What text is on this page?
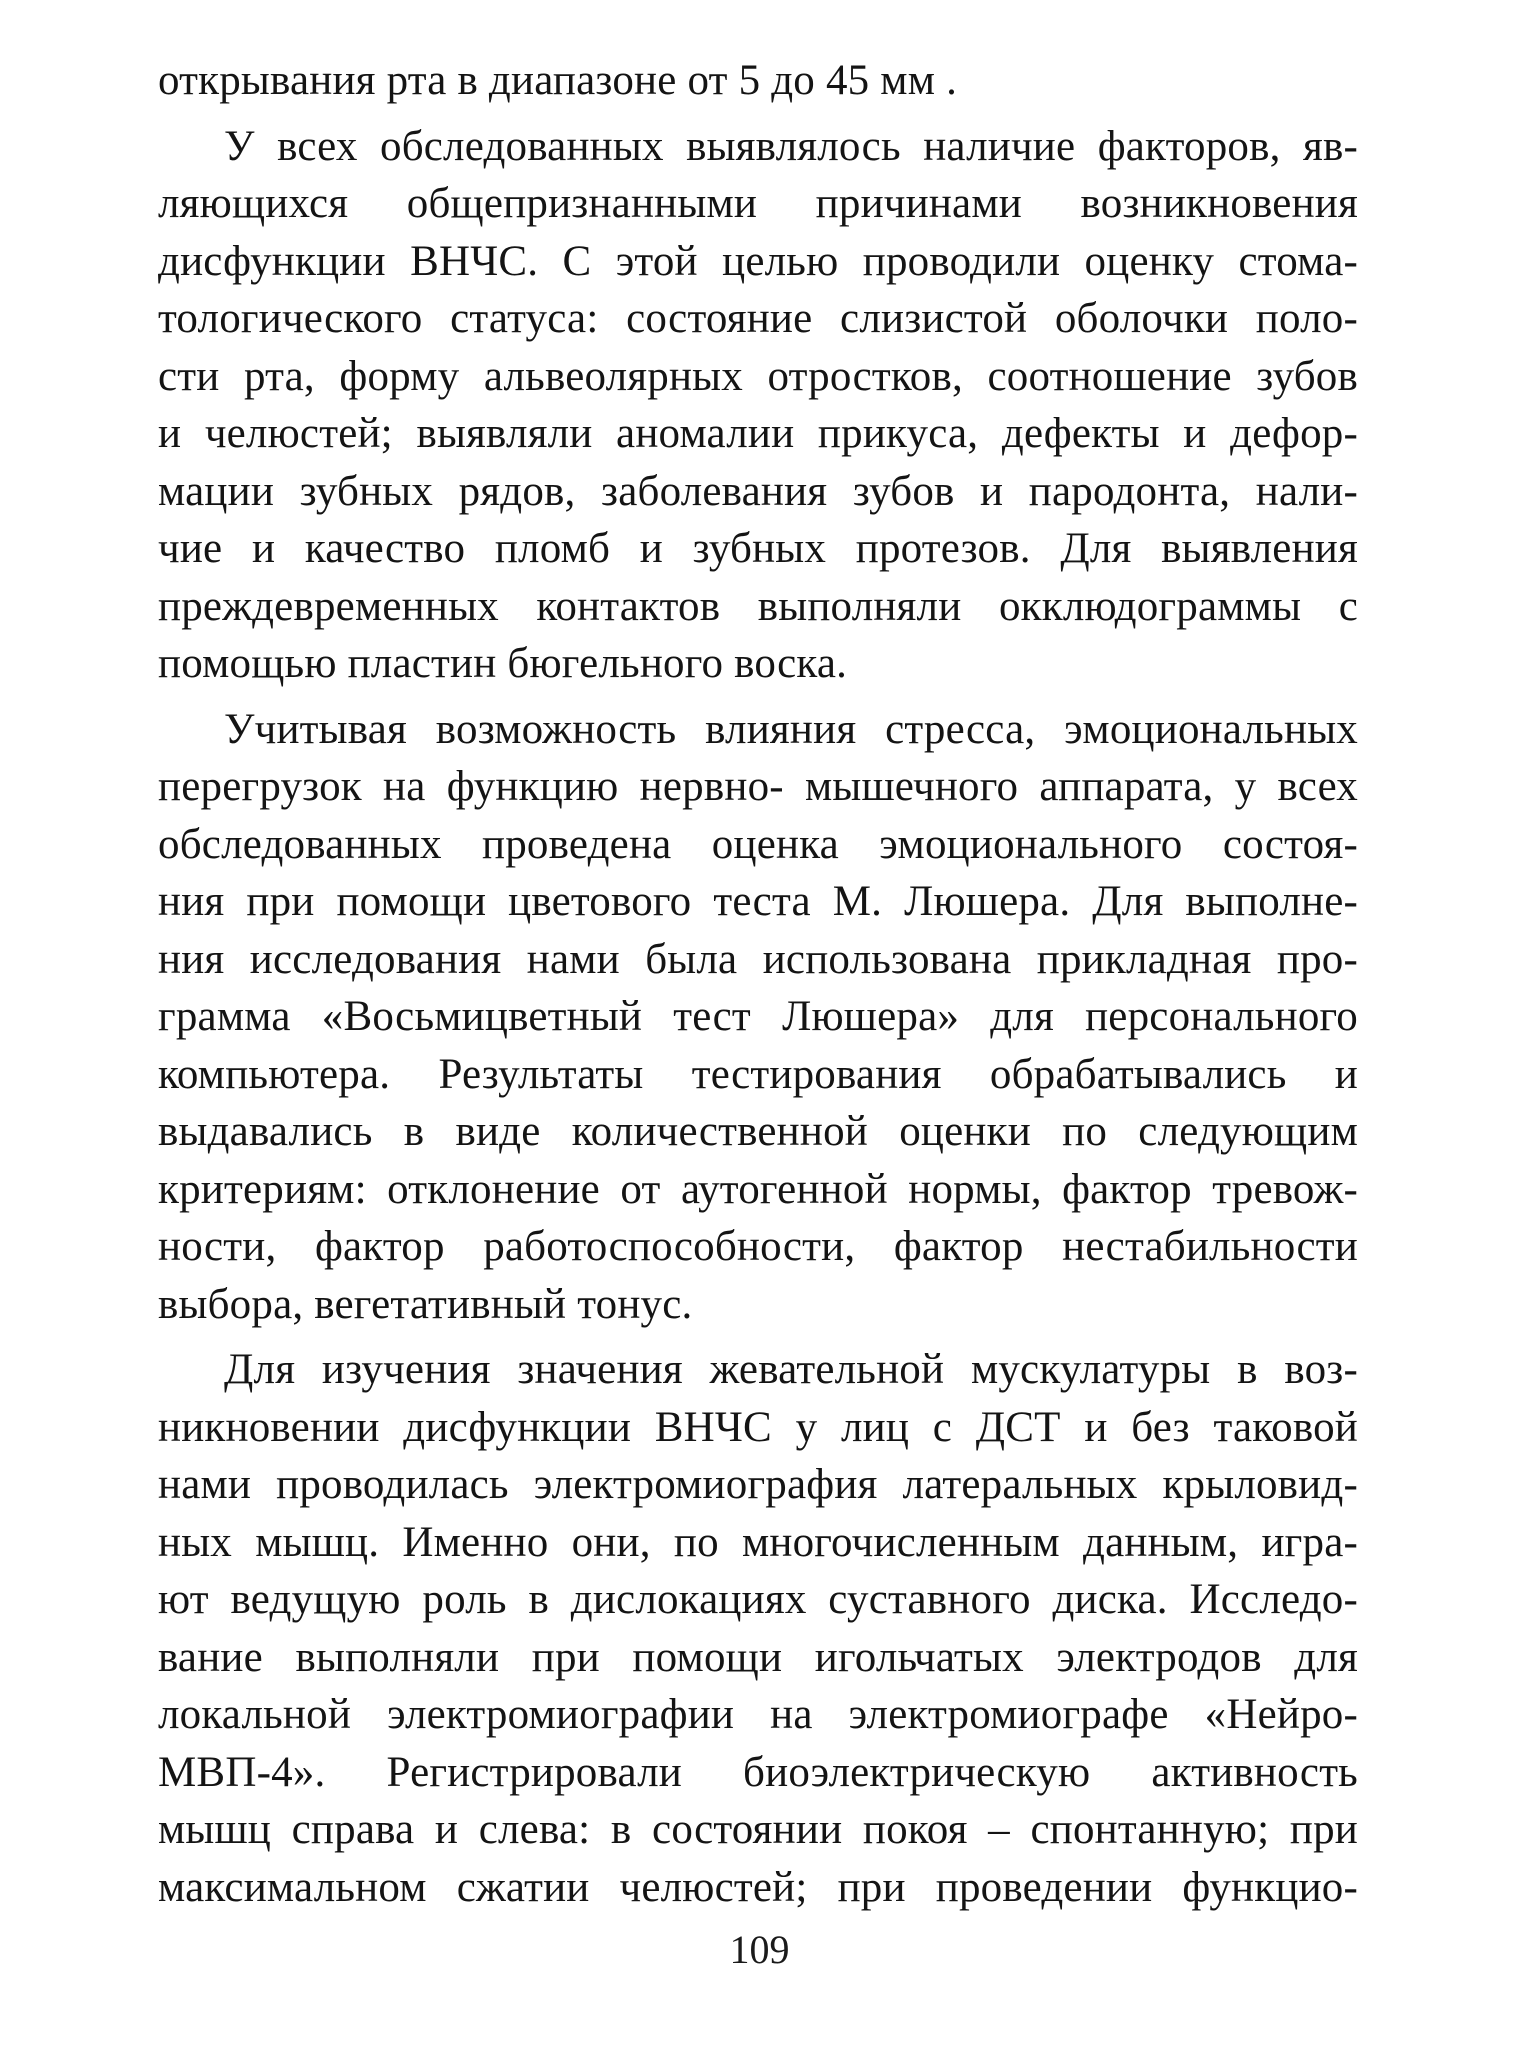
открывания рта в диапазоне от 5 до 45 мм .
У всех обследованных выявлялось наличие факторов, яв-
ляющихся общепризнанными причинами возникновения
дисфункции ВНЧС. С этой целью проводили оценку стома-
тологического статуса: состояние слизистой оболочки поло-
сти рта, форму альвеолярных отростков, соотношение зубов
и челюстей; выявляли аномалии прикуса, дефекты и дефор-
мации зубных рядов, заболевания зубов и пародонта, нали-
чие и качество пломб и зубных протезов. Для выявления
преждевременных контактов выполняли окклюдограммы с
помощью пластин бюгельного воска.
Учитывая возможность влияния стресса, эмоциональных
перегрузок на функцию нервно- мышечного аппарата, у всех
обследованных проведена оценка эмоционального состоя-
ния при помощи цветового теста М. Люшера. Для выполне-
ния исследования нами была использована прикладная про-
грамма «Восьмицветный тест Люшера» для персонального
компьютера. Результаты тестирования обрабатывались и
выдавались в виде количественной оценки по следующим
критериям: отклонение от аутогенной нормы, фактор тревож-
ности, фактор работоспособности, фактор нестабильности
выбора, вегетативный тонус.
Для изучения значения жевательной мускулатуры в воз-
никновении дисфункции ВНЧС у лиц с ДСТ и без таковой
нами проводилась электромиография латеральных крыловид-
ных мышц. Именно они, по многочисленным данным, игра-
ют ведущую роль в дислокациях суставного диска. Исследо-
вание выполняли при помощи игольчатых электродов для
локальной электромиографии на электромиографе «Нейро-
МВП-4». Регистрировали биоэлектрическую активность
мышц справа и слева: в состоянии покоя – спонтанную; при
максимальном сжатии челюстей; при проведении функцио-
109
